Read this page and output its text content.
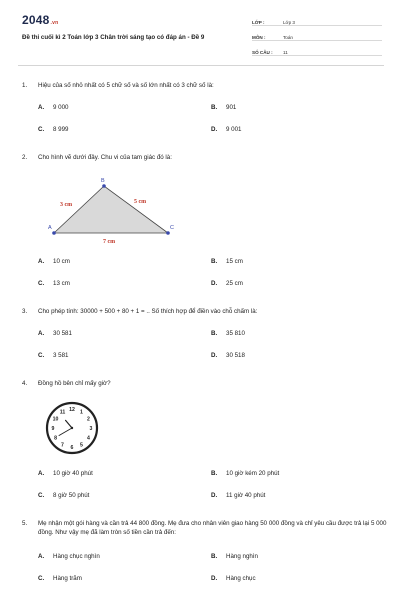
2048.vn
Đề thi cuối kì 2 Toán lớp 3 Chân trời sáng tạo có đáp án - Đề 9
LỚP :	Lớp 3
MÔN :	Toán
SỐ CÂU :	11
1. Hiệu của số nhỏ nhất có 5 chữ số và số lớn nhất có 3 chữ số là:
A. 9 000	B. 901
C. 8 999	D. 9 001
2. Cho hình vẽ dưới đây. Chu vi của tam giác đó là:
A
B
C
3 cm	5 cm
7 cm
A. 10 cm	B. 15 cm
C. 13 cm	D. 25 cm
3. Cho phép tính: 30000 + 500 + 80 + 1 = .. Số thích hợp để điền vào chỗ chấm là:
A. 30 581	B. 35 810
C. 3 581	D. 30 518
4. Đồng hồ bên chỉ mấy giờ?
12 1
2
3
4
5
6
7
8
9
10
11
A. 10 giờ 40 phút	B. 10 giờ kém 20 phút
C. 8 giờ 50 phút	D. 11 giờ 40 phút
5. Mẹ nhận một gói hàng và cần trả 44 800 đồng. Mẹ đưa cho nhân viên giao hàng 50 000 đồng và chỉ yêu cầu được trả lại 5 000 đồng. Như vậy mẹ đã làm tròn số tiền cần trả đến:
A. Hàng chục nghìn	B. Hàng nghìn
C. Hàng trăm	D. Hàng chục
